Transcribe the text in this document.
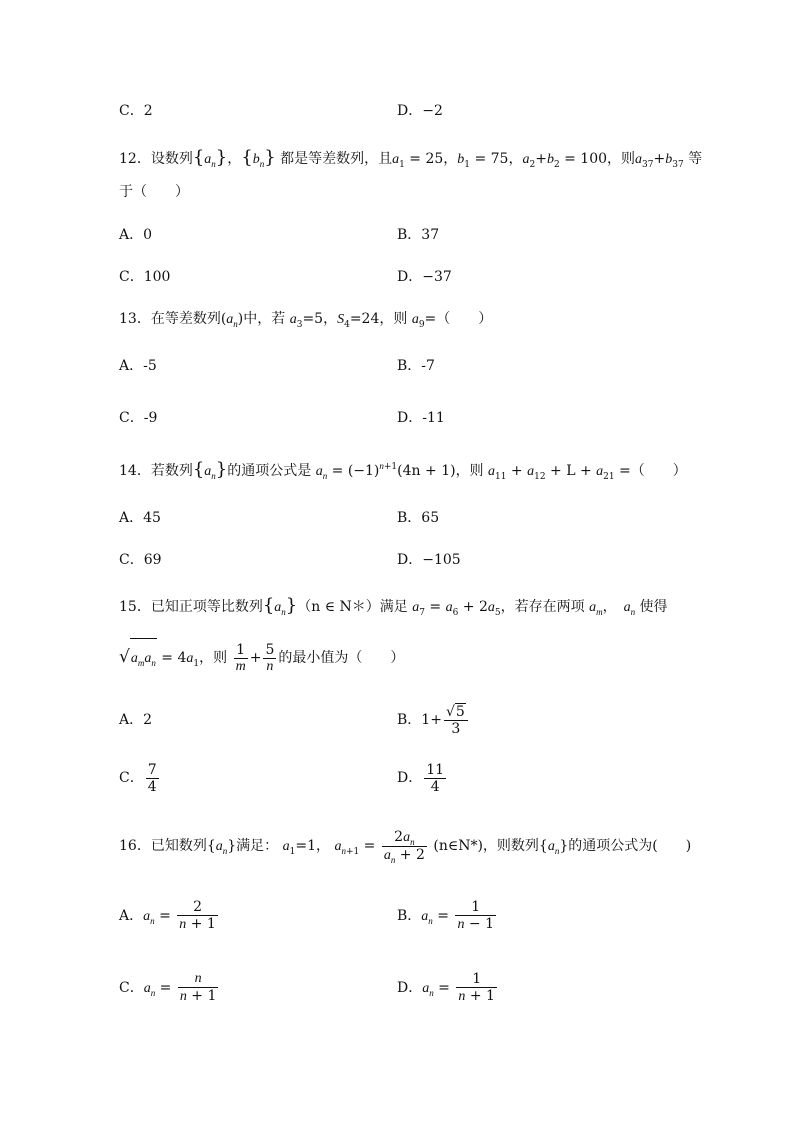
C．2	D．−2
12．设数列$\{a_n\}$，$\{b_n\}$ 都是等差数列，且$a_1 = 25$，$b_1 = 75$，$a_2+b_2 = 100$，则$a_{37}+b_{37}$ 等
于（　　）
A．0	B．37
C．100	D．−37
13．在等差数列$(a_n)$中，若 $a_3=5$，$S_4=24$，则 $a_9=$（　　）
A．-5	B．-7
C．-9	D．-11
14．若数列$\{a_n\}$的通项公式是 $a_n = (-1)^{n+1}(4n + 1)$，则 $a_{11} + a_{12} + L + a_{21}$ =（　　）
A．45	B．65
C．69	D．−105
15．已知正项等比数列$\{a_n\}(n$ ∈ N＊）满足 $a_7 = a_6 + 2a_5$，若存在两项 $a_m$，　$a_n$ 使得
$√a_ma_n = 4a_1$，则 $\frac{1}{m} + \frac{5}{n}$ 的最小值为（　　）
A．2	B．$1+ \frac{√5}{3}$
C． $\frac{7}{4}$	D． $\frac{11}{4}$
16．已知数列$\{a_n\}$满足： $a_1=1$， $a_{n+1} = \frac{2a_n}{a_n + 2}$ (n∈N*)，则数列$\{a_n\}$的通项公式为(　　)
A．$a_n = \frac{2}{n + 1}$	B．$a_n = \frac{1}{n - 1}$
C．$a_n = \frac{n}{n + 1}$	D．$a_n = \frac{1}{n + 1}$
